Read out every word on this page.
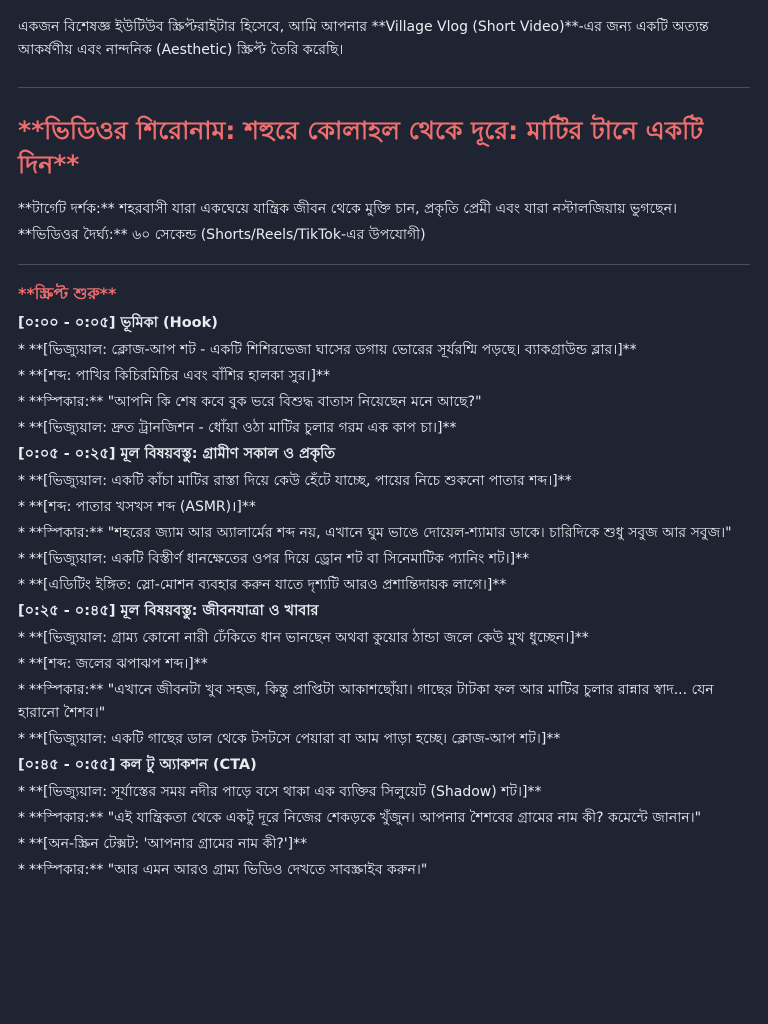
একজন বিশেষজ্ঞ ইউটিউব স্ক্রিপ্টরাইটার হিসেবে, আমি আপনার **Village Vlog (Short Video)**-এর জন্য একটি অত্যন্ত আকর্ষণীয় এবং নান্দনিক (Aesthetic) স্ক্রিপ্ট তৈরি করেছি।

**ভিডিওর শিরোনাম: শহুরে কোলাহল থেকে দূরে: মাটির টানে একটি দিন**

**টার্গেট দর্শক:** শহরবাসী যারা একঘেয়ে যান্ত্রিক জীবন থেকে মুক্তি চান, প্রকৃতি প্রেমী এবং যারা নস্টালজিয়ায় ভুগছেন।

**ভিডিওর দৈর্ঘ্য:** ৬০ সেকেন্ড (Shorts/Reels/TikTok-এর উপযোগী)

**স্ক্রিপ্ট শুরু**
[০:০০ - ০:০৫] ভূমিকা (Hook)
* **[ভিজ্যুয়াল: ক্লোজ-আপ শট - একটি শিশিরভেজা ঘাসের ডগায় ভোরের সূর্যরশ্মি পড়ছে। ব্যাকগ্রাউন্ড ব্লার।]**
* **[শব্দ: পাখির কিচিরমিচির এবং বাঁশির হালকা সুর।]**
* **স্পিকার:** "আপনি কি শেষ কবে বুক ভরে বিশুদ্ধ বাতাস নিয়েছেন মনে আছে?"
* **[ভিজ্যুয়াল: দ্রুত ট্রানজিশন - ধোঁয়া ওঠা মাটির চুলার গরম এক কাপ চা।]**
[০:০৫ - ০:২৫] মূল বিষয়বস্তু: গ্রামীণ সকাল ও প্রকৃতি
* **[ভিজ্যুয়াল: একটি কাঁচা মাটির রাস্তা দিয়ে কেউ হেঁটে যাচ্ছে, পায়ের নিচে শুকনো পাতার শব্দ।]**
* **[শব্দ: পাতার খসখস শব্দ (ASMR)।]**
* **স্পিকার:** "শহরের জ্যাম আর অ্যালার্মের শব্দ নয়, এখানে ঘুম ভাঙে দোয়েল-শ্যামার ডাকে। চারিদিকে শুধু সবুজ আর সবুজ।"
* **[ভিজ্যুয়াল: একটি বিস্তীর্ণ ধানক্ষেতের ওপর দিয়ে ড্রোন শট বা সিনেমাটিক প্যানিং শট।]**
* **[এডিটিং ইঙ্গিত: স্লো-মোশন ব্যবহার করুন যাতে দৃশ্যটি আরও প্রশান্তিদায়ক লাগে।]**
[০:২৫ - ০:৪৫] মূল বিষয়বস্তু: জীবনযাত্রা ও খাবার
* **[ভিজ্যুয়াল: গ্রাম্য কোনো নারী ঢেঁকিতে ধান ভানছেন অথবা কুয়োর ঠান্ডা জলে কেউ মুখ ধুচ্ছেন।]**
* **[শব্দ: জলের ঝপাঝপ শব্দ।]**
* **স্পিকার:** "এখানে জীবনটা খুব সহজ, কিন্তু প্রাপ্তিটা আকাশছোঁয়া। গাছের টাটকা ফল আর মাটির চুলার রান্নার স্বাদ... যেন হারানো শৈশব।"
* **[ভিজ্যুয়াল: একটি গাছের ডাল থেকে টসটসে পেয়ারা বা আম পাড়া হচ্ছে। ক্লোজ-আপ শট।]**
[০:৪৫ - ০:৫৫] কল টু অ্যাকশন (CTA)
* **[ভিজ্যুয়াল: সূর্যাস্তের সময় নদীর পাড়ে বসে থাকা এক ব্যক্তির সিলুয়েট (Shadow) শট।]**
* **স্পিকার:** "এই যান্ত্রিকতা থেকে একটু দূরে নিজের শেকড়কে খুঁজুন। আপনার শৈশবের গ্রামের নাম কী? কমেন্টে জানান।"
* **[অন-স্ক্রিন টেক্সট: 'আপনার গ্রামের নাম কী?']**
* **স্পিকার:** "আর এমন আরও গ্রাম্য ভিডিও দেখতে সাবস্ক্রাইব করুন।"
